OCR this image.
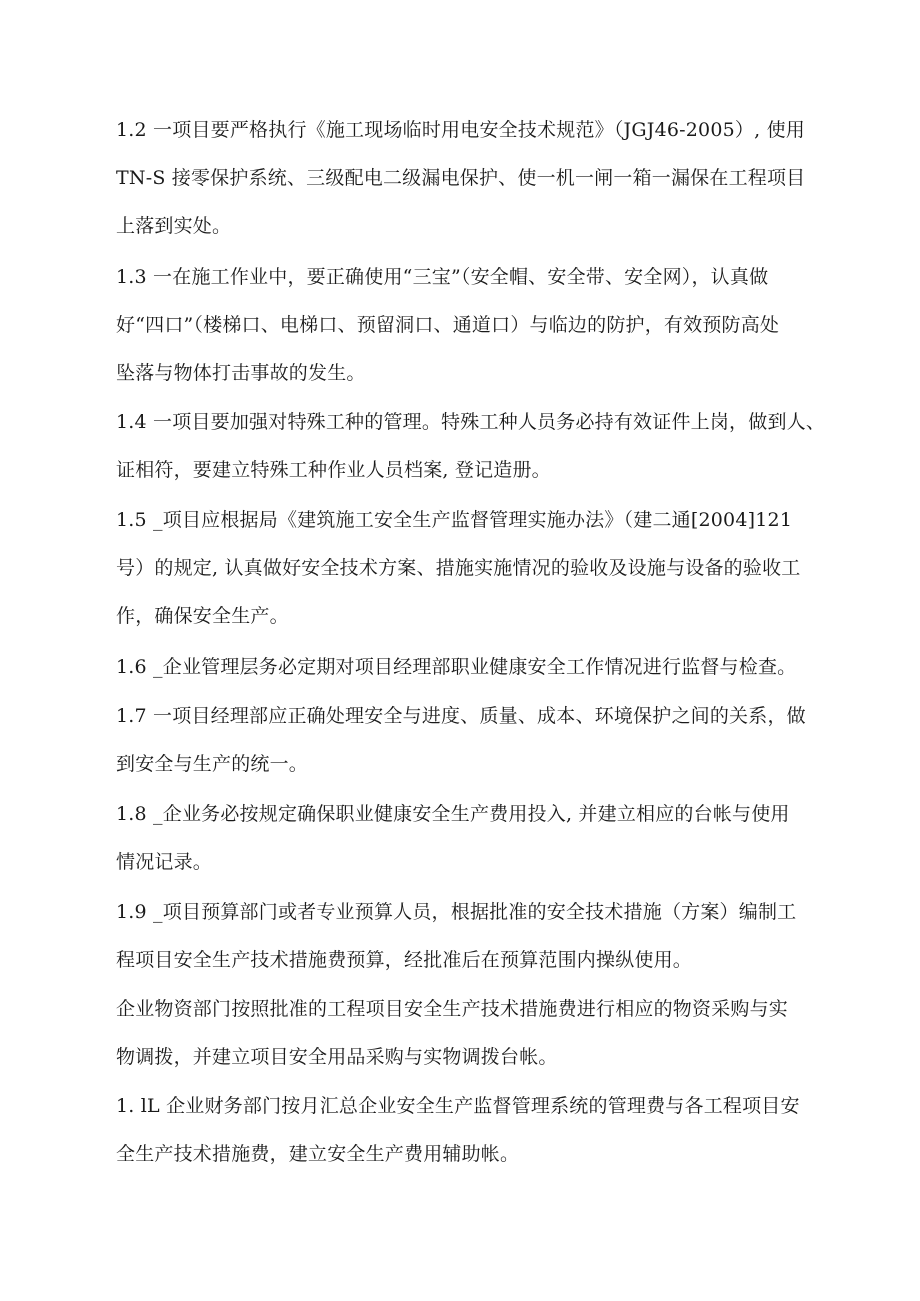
1.2 一项目要严格执行《施工现场临时用电安全技术规范》（JGJ46-2005）, 使用
TN-S 接零保护系统、三级配电二级漏电保护、使一机一闸一箱一漏保在工程项目
上落到实处。
1.3 一在施工作业中，要正确使用“三宝”（安全帽、安全带、安全网），认真做
好“四口”（楼梯口、电梯口、预留洞口、通道口）与临边的防护，有效预防高处
坠落与物体打击事故的发生。
1.4 一项目要加强对特殊工种的管理。特殊工种人员务必持有效证件上岗，做到人、
证相符，要建立特殊工种作业人员档案, 登记造册。
1.5 _项目应根据局《建筑施工安全生产监督管理实施办法》（建二通[2004]121
号）的规定, 认真做好安全技术方案、措施实施情况的验收及设施与设备的验收工
作，确保安全生产。
1.6 _企业管理层务必定期对项目经理部职业健康安全工作情况进行监督与检查。
1.7 一项目经理部应正确处理安全与进度、质量、成本、环境保护之间的关系，做
到安全与生产的统一。
1.8 _企业务必按规定确保职业健康安全生产费用投入, 并建立相应的台帐与使用
情况记录。
1.9 _项目预算部门或者专业预算人员，根据批准的安全技术措施（方案）编制工
程项目安全生产技术措施费预算，经批准后在预算范围内操纵使用。
企业物资部门按照批准的工程项目安全生产技术措施费进行相应的物资采购与实
物调拨，并建立项目安全用品采购与实物调拨台帐。
1. lL 企业财务部门按月汇总企业安全生产监督管理系统的管理费与各工程项目安
全生产技术措施费，建立安全生产费用辅助帐。
